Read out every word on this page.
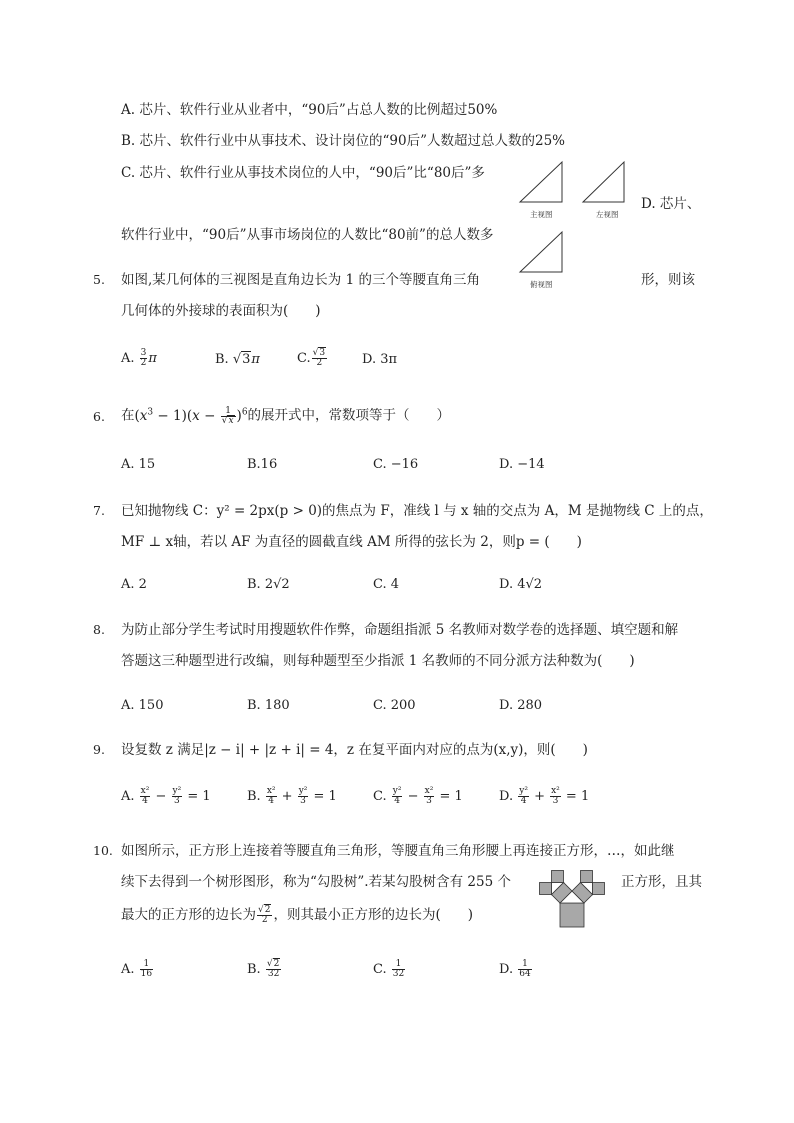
A. 芯片、软件行业从业者中，“90后”占总人数的比例超过50%
B. 芯片、软件行业中从事技术、设计岗位的“90后”人数超过总人数的25%
C. 芯片、软件行业从事技术岗位的人中，“90后”比“80后”多
D. 芯片、
软件行业中，“90后”从事市场岗位的人数比“80前”的总人数多
主视图	左视图
俯视图
5. 如图,某几何体的三视图是直角边长为 1 的三个等腰直角三角	形，则该
几何体的外接球的表面积为(　　)
A. $\frac{3}{2}$ π	B. √3π	C. $\frac{√3}{2}$	D. 3π
6. 在$(x^3 - 1)(x - \frac{1}{√x} )^6$的展开式中，常数项等于（　　）
A. 15	B.16	C. −16	D. −14
7. 已知抛物线 C：y² = 2px(p > 0)的焦点为 F，准线 l 与 x 轴的交点为 A，M 是抛物线 C 上的点，
MF ⊥ x轴，若以 AF 为直径的圆截直线 AM 所得的弦长为 2，则p = (　　)
A. 2	B. 2√2	C. 4	D. 4√2
8. 为防止部分学生考试时用搜题软件作弊，命题组指派 5 名教师对数学卷的选择题、填空题和解
答题这三种题型进行改编，则每种题型至少指派 1 名教师的不同分派方法种数为(　　)
A. 150	B. 180	C. 200	D. 280
9. 设复数 z 满足|z − i| + |z + i| = 4，z 在复平面内对应的点为(x,y)，则(　　)
A. $\frac{\text{x²}}{4} - \frac{\text{y²}}{3} = 1$	B. $\frac{\text{x²}}{4} + \frac{\text{y²}}{3} = 1$	C. $\frac{\text{y²}}{4} - \frac{\text{x²}}{3} = 1$	D. $\frac{\text{y²}}{4} + \frac{\text{x²}}{3} = 1$
10. 如图所示，正方形上连接着等腰直角三角形，等腰直角三角形腰上再连接正方形，…，如此继
续下去得到一个树形图形，称为“勾股树”.若某勾股树含有 255 个	正方形，且其
最大的正方形的边长为 $\frac{√2}{2}$ ，则其最小正方形的边长为(　　)
A. $\frac{1}{16}$	B. $\frac{√2}{32}$	C. $\frac{1}{32}$	D. $\frac{1}{64}$
